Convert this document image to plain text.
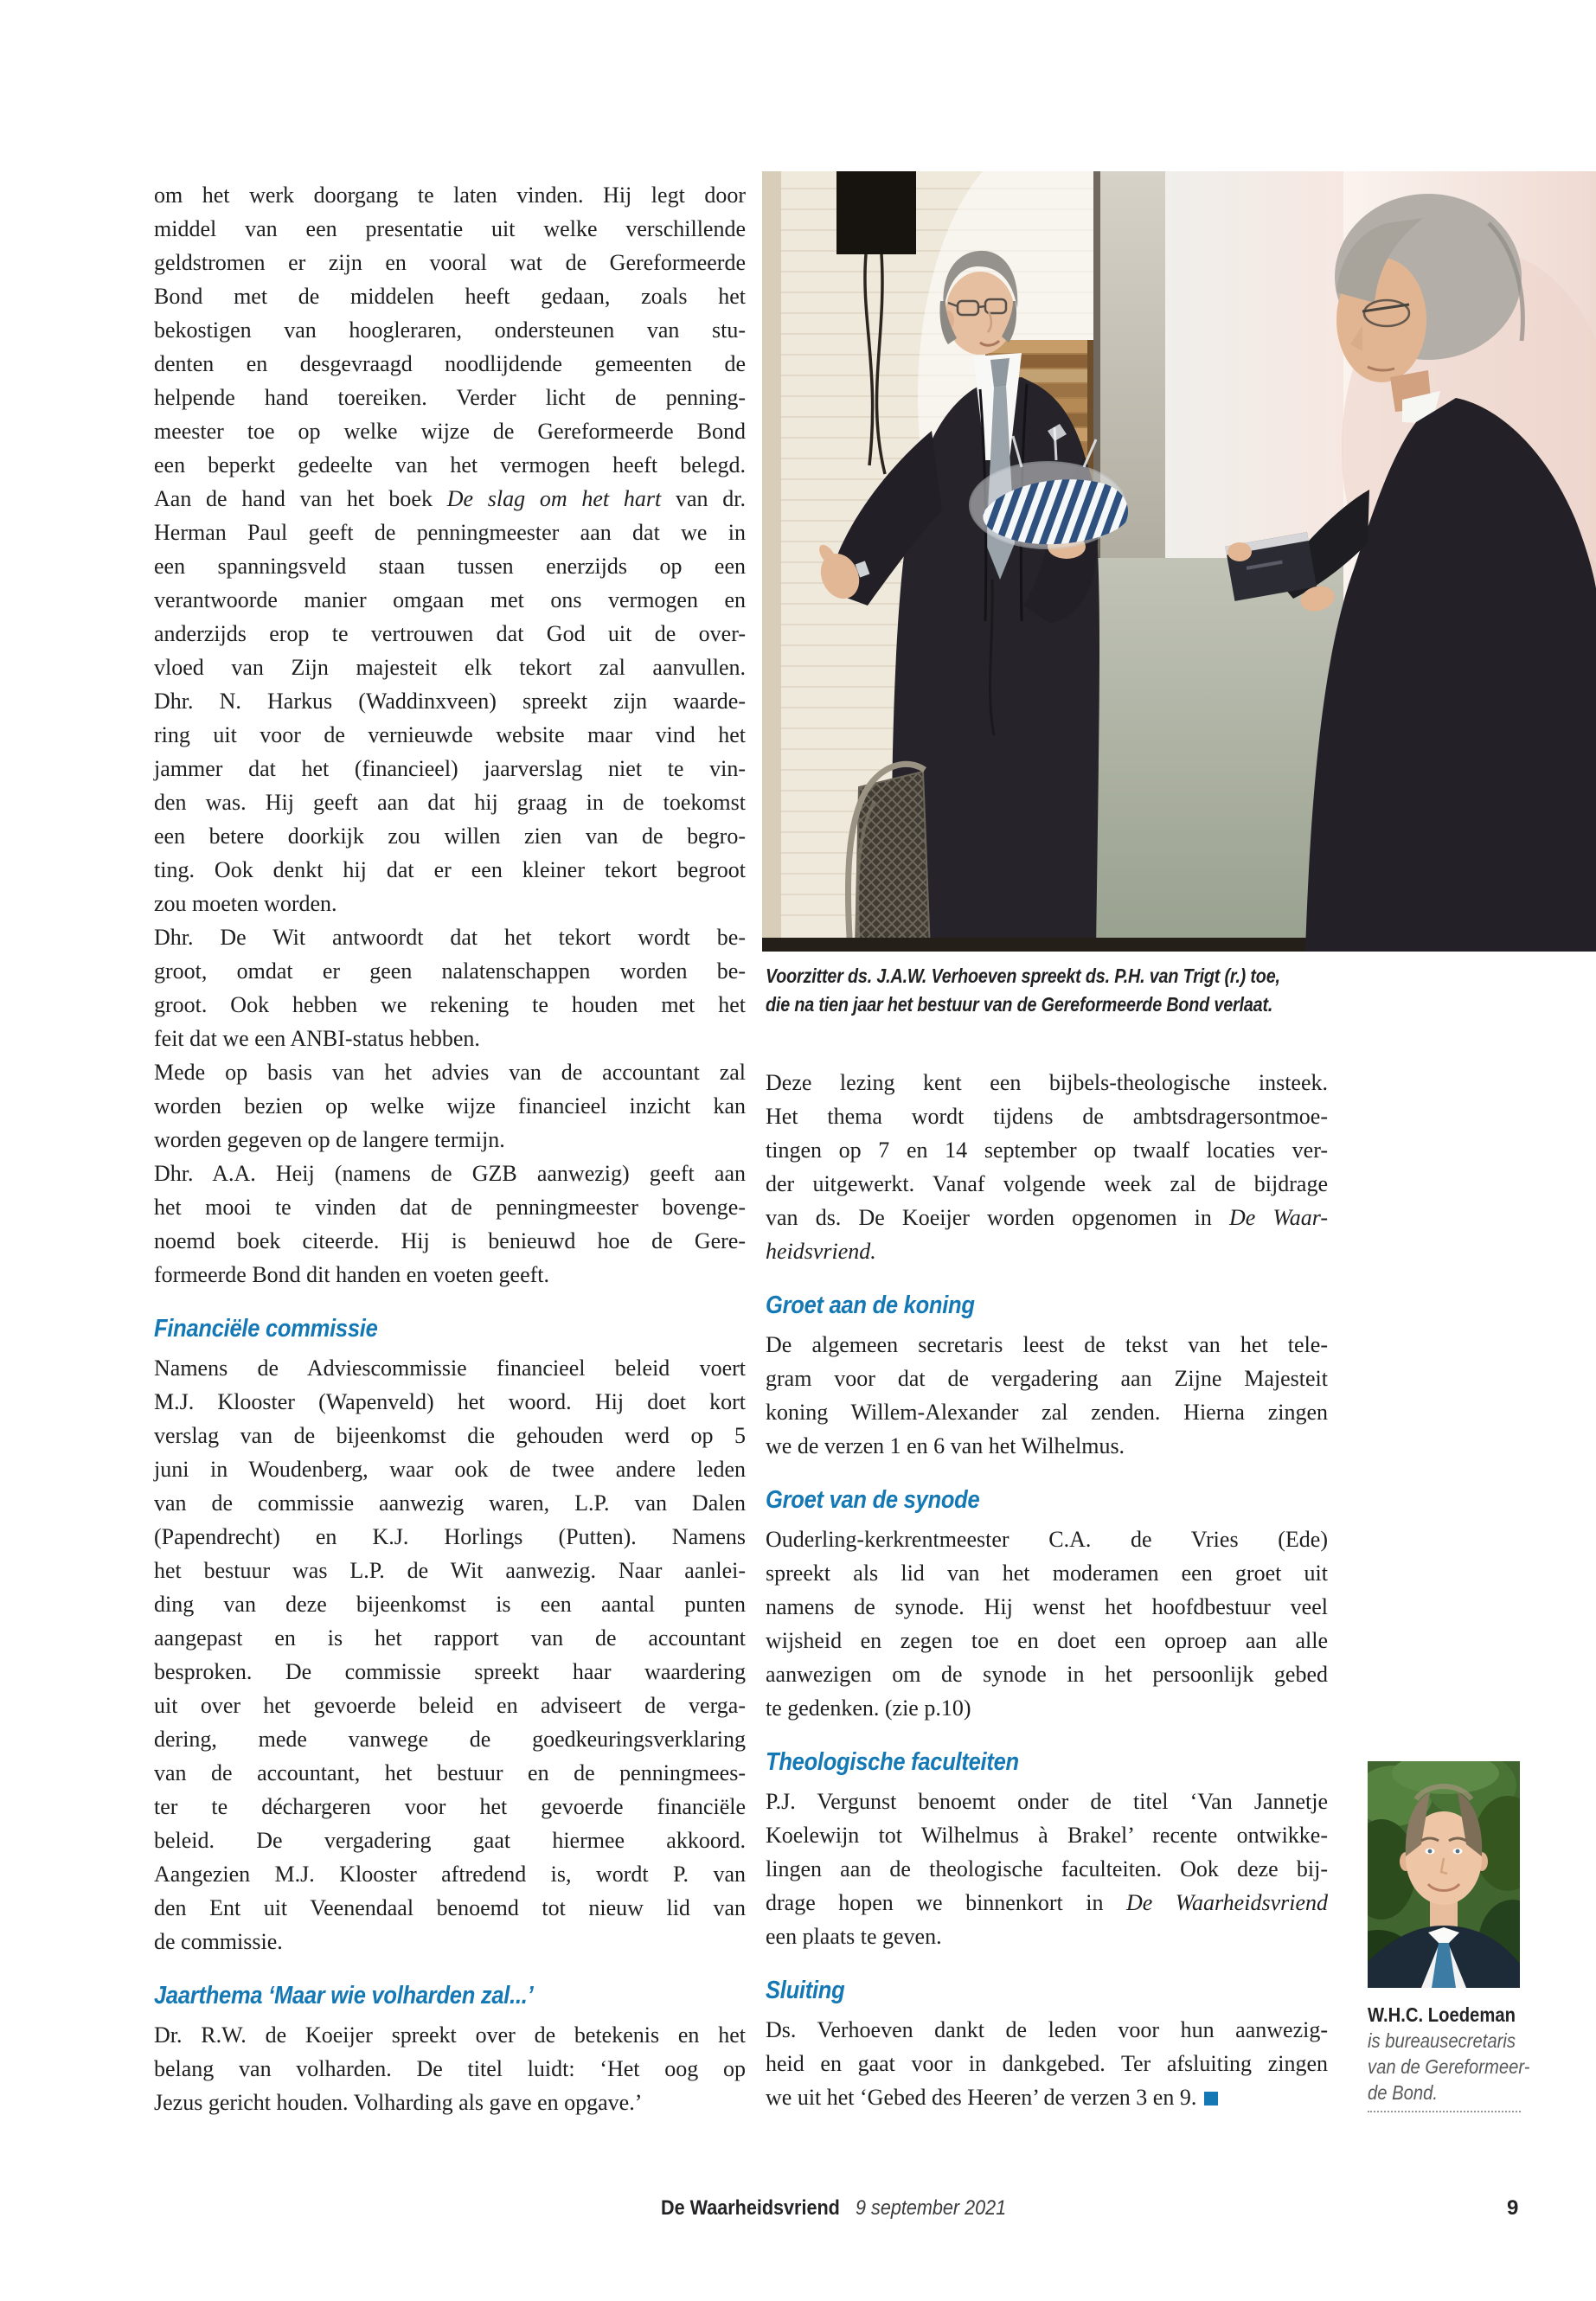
om het werk doorgang te laten vinden. Hij legt door
middel van een presentatie uit welke verschillende
geldstromen er zijn en vooral wat de Gereformeerde
Bond met de middelen heeft gedaan, zoals het
bekostigen van hoogleraren, ondersteunen van stu-
denten en desgevraagd noodlijdende gemeenten de
helpende hand toereiken. Verder licht de penning-
meester toe op welke wijze de Gereformeerde Bond
een beperkt gedeelte van het vermogen heeft belegd.
Aan de hand van het boek De slag om het hart van dr.
Herman Paul geeft de penningmeester aan dat we in
een spanningsveld staan tussen enerzijds op een
verantwoorde manier omgaan met ons vermogen en
anderzijds erop te vertrouwen dat God uit de over-
vloed van Zijn majesteit elk tekort zal aanvullen.
Dhr. N. Harkus (Waddinxveen) spreekt zijn waarde-
ring uit voor de vernieuwde website maar vind het
jammer dat het (financieel) jaarverslag niet te vin-
den was. Hij geeft aan dat hij graag in de toekomst
een betere doorkijk zou willen zien van de begro-
ting. Ook denkt hij dat er een kleiner tekort begroot
zou moeten worden.
Dhr. De Wit antwoordt dat het tekort wordt be-
groot, omdat er geen nalatenschappen worden be-
groot. Ook hebben we rekening te houden met het
feit dat we een ANBI-status hebben.
Mede op basis van het advies van de accountant zal
worden bezien op welke wijze financieel inzicht kan
worden gegeven op de langere termijn.
Dhr. A.A. Heij (namens de GZB aanwezig) geeft aan
het mooi te vinden dat de penningmeester bovenge-
noemd boek citeerde. Hij is benieuwd hoe de Gere-
formeerde Bond dit handen en voeten geeft.
Financiële commissie
Namens de Adviescommissie financieel beleid voert
M.J. Klooster (Wapenveld) het woord. Hij doet kort
verslag van de bijeenkomst die gehouden werd op 5
juni in Woudenberg, waar ook de twee andere leden
van de commissie aanwezig waren, L.P. van Dalen
(Papendrecht) en K.J. Horlings (Putten). Namens
het bestuur was L.P. de Wit aanwezig. Naar aanlei-
ding van deze bijeenkomst is een aantal punten
aangepast en is het rapport van de accountant
besproken. De commissie spreekt haar waardering
uit over het gevoerde beleid en adviseert de verga-
dering, mede vanwege de goedkeuringsverklaring
van de accountant, het bestuur en de penningmees-
ter te déchargeren voor het gevoerde financiële
beleid. De vergadering gaat hiermee akkoord.
Aangezien M.J. Klooster aftredend is, wordt P. van
den Ent uit Veenendaal benoemd tot nieuw lid van
de commissie.
Jaarthema ‘Maar wie volharden zal...’
Dr. R.W. de Koeijer spreekt over de betekenis en het
belang van volharden. De titel luidt: ‘Het oog op
Jezus gericht houden. Volharding als gave en opgave.’
Voorzitter ds. J.A.W. Verhoeven spreekt ds. P.H. van Trigt (r.) toe,
die na tien jaar het bestuur van de Gereformeerde Bond verlaat.
Deze lezing kent een bijbels-theologische insteek.
Het thema wordt tijdens de ambtsdragersontmoe-
tingen op 7 en 14 september op twaalf locaties ver-
der uitgewerkt. Vanaf volgende week zal de bijdrage
van ds. De Koeijer worden opgenomen in De Waar-
heidsvriend.
Groet aan de koning
De algemeen secretaris leest de tekst van het tele-
gram voor dat de vergadering aan Zijne Majesteit
koning Willem-Alexander zal zenden. Hierna zingen
we de verzen 1 en 6 van het Wilhelmus.
Groet van de synode
Ouderling-kerkrentmeester C.A. de Vries (Ede)
spreekt als lid van het moderamen een groet uit
namens de synode. Hij wenst het hoofdbestuur veel
wijsheid en zegen toe en doet een oproep aan alle
aanwezigen om de synode in het persoonlijk gebed
te gedenken. (zie p.10)
Theologische faculteiten
P.J. Vergunst benoemt onder de titel ‘Van Jannetje
Koelewijn tot Wilhelmus à Brakel’ recente ontwikke-
lingen aan de theologische faculteiten. Ook deze bij-
drage hopen we binnenkort in De Waarheidsvriend
een plaats te geven.
Sluiting
Ds. Verhoeven dankt de leden voor hun aanwezig-
heid en gaat voor in dankgebed. Ter afsluiting zingen
we uit het ‘Gebed des Heeren’ de verzen 3 en 9.
W.H.C. Loedeman
is bureausecretaris
van de Gereformeer-
de Bond.
De Waarheidsvriend 9 september 2021	9
